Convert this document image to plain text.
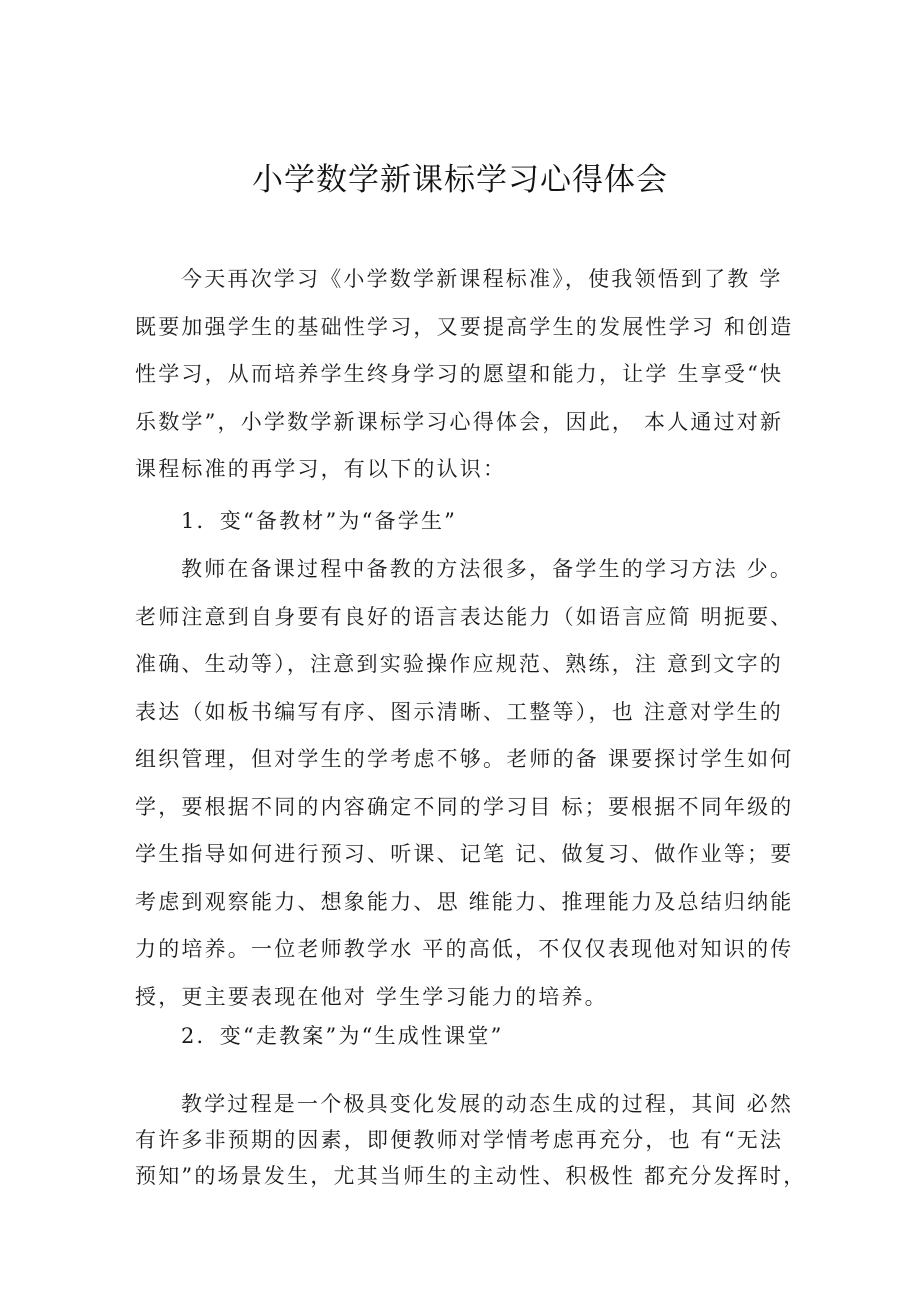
小学数学新课标学习心得体会
今天再次学习《小学数学新课程标准》，使我领悟到了教 学
既要加强学生的基础性学习，又要提高学生的发展性学习 和创造
性学习，从而培养学生终身学习的愿望和能力，让学 生享受“快
乐数学”，小学数学新课标学习心得体会，因此， 本人通过对新
课程标准的再学习，有以下的认识：
1．变“备教材”为“备学生”
教师在备课过程中备教的方法很多，备学生的学习方法 少。
老师注意到自身要有良好的语言表达能力（如语言应简 明扼要、
准确、生动等），注意到实验操作应规范、熟练，注 意到文字的
表达（如板书编写有序、图示清晰、工整等），也 注意对学生的
组织管理，但对学生的学考虑不够。老师的备 课要探讨学生如何
学，要根据不同的内容确定不同的学习目 标；要根据不同年级的
学生指导如何进行预习、听课、记笔 记、做复习、做作业等；要
考虑到观察能力、想象能力、思 维能力、推理能力及总结归纳能
力的培养。一位老师教学水 平的高低，不仅仅表现他对知识的传
授，更主要表现在他对 学生学习能力的培养。
2．变“走教案”为“生成性课堂”
教学过程是一个极具变化发展的动态生成的过程，其间 必然
有许多非预期的因素，即便教师对学情考虑再充分，也 有“无法
预知”的场景发生，尤其当师生的主动性、积极性 都充分发挥时，
